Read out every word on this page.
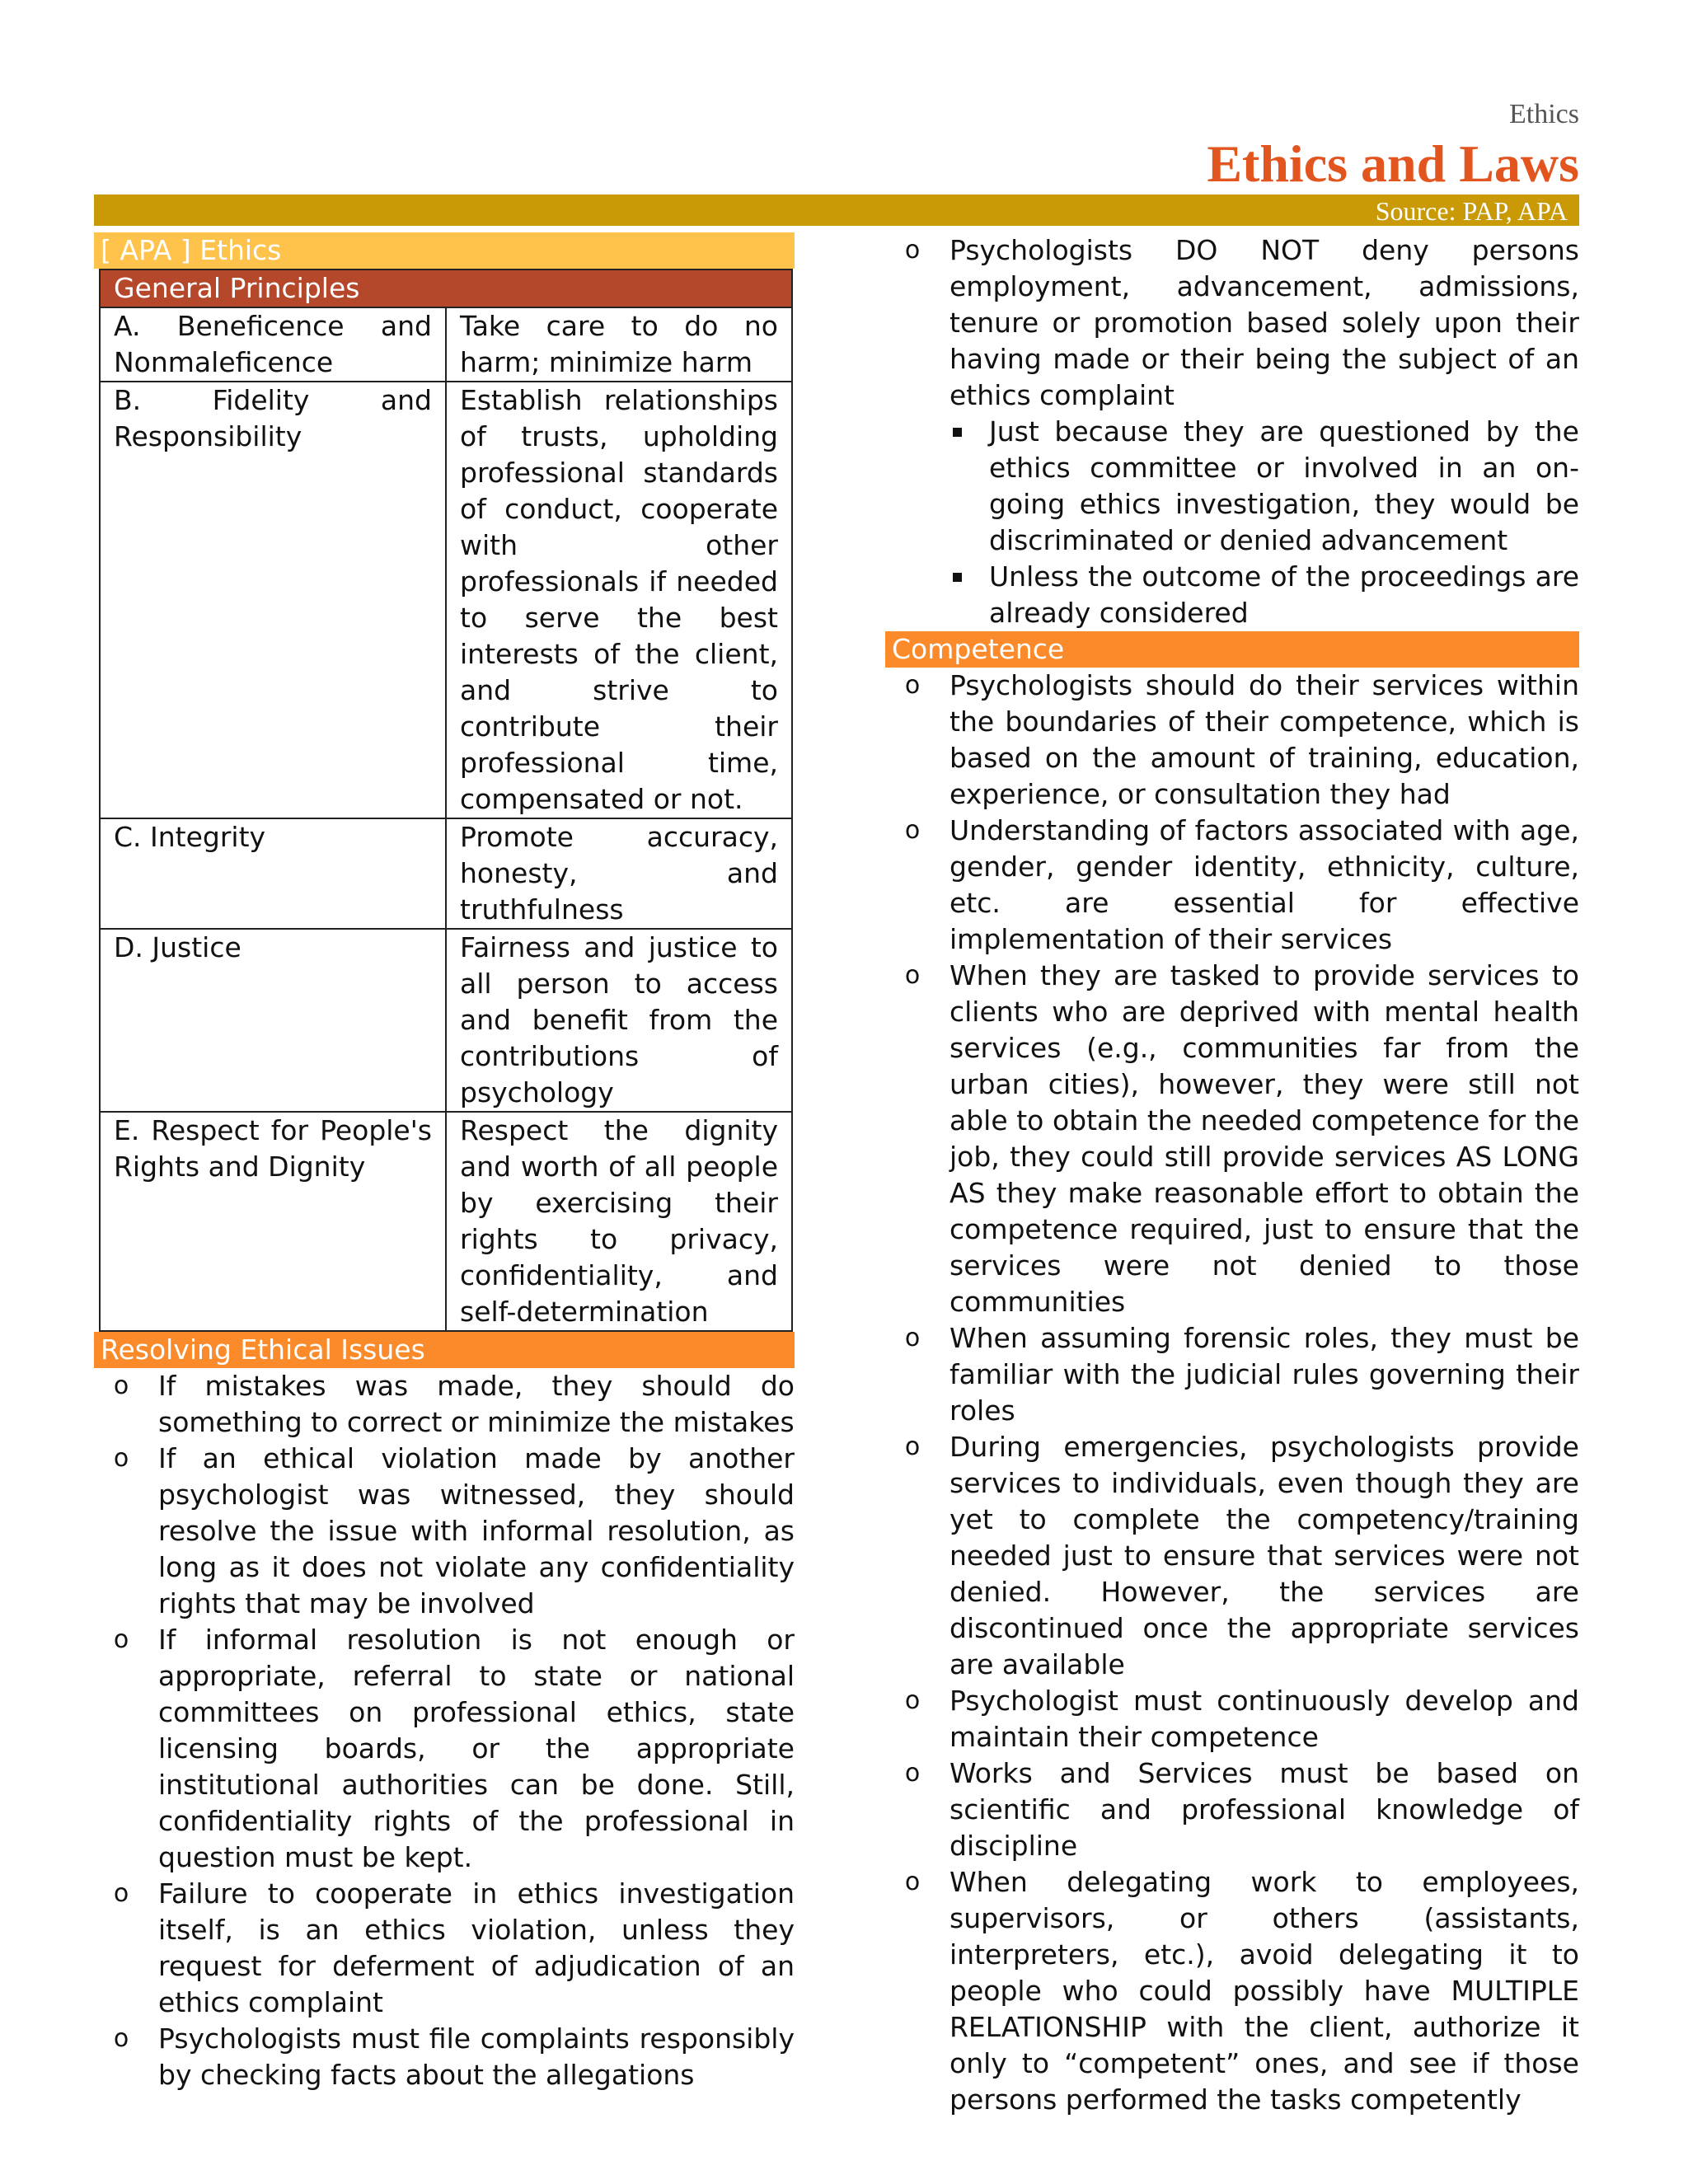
Ethics
Ethics and Laws
Source: PAP, APA
[ APA ] Ethics
General Principles	
A. Beneficence and Nonmaleficence	Take care to do no harm; minimize harm
B. Fidelity and Responsibility	Establish relationships of trusts, upholding professional standards of conduct, cooperate with other professionals if needed to serve the best interests of the client, and strive to contribute their professional time, compensated or not.
C. Integrity	Promote accuracy, honesty, and truthfulness
D. Justice	Fairness and justice to all person to access and benefit from the contributions of psychology
E. Respect for People's Rights and Dignity	Respect the dignity and worth of all people by exercising their rights to privacy, confidentiality, and self-determination
Resolving Ethical Issues
o If mistakes was made, they should do something to correct or minimize the mistakes
o If an ethical violation made by another psychologist was witnessed, they should resolve the issue with informal resolution, as long as it does not violate any confidentiality rights that may be involved
o If informal resolution is not enough or appropriate, referral to state or national committees on professional ethics, state licensing boards, or the appropriate institutional authorities can be done. Still, confidentiality rights of the professional in question must be kept.
o Failure to cooperate in ethics investigation itself, is an ethics violation, unless they request for deferment of adjudication of an ethics complaint
o Psychologists must file complaints responsibly by checking facts about the allegations
o Psychologists DO NOT deny persons employment, advancement, admissions, tenure or promotion based solely upon their having made or their being the subject of an ethics complaint
Just because they are questioned by the ethics committee or involved in an on-going ethics investigation, they would be discriminated or denied advancement
Unless the outcome of the proceedings are already considered
Competence
o Psychologists should do their services within the boundaries of their competence, which is based on the amount of training, education, experience, or consultation they had
o Understanding of factors associated with age, gender, gender identity, ethnicity, culture, etc. are essential for effective implementation of their services
o When they are tasked to provide services to clients who are deprived with mental health services (e.g., communities far from the urban cities), however, they were still not able to obtain the needed competence for the job, they could still provide services AS LONG AS they make reasonable effort to obtain the competence required, just to ensure that the services were not denied to those communities
o When assuming forensic roles, they must be familiar with the judicial rules governing their roles
o During emergencies, psychologists provide services to individuals, even though they are yet to complete the competency/training needed just to ensure that services were not denied. However, the services are discontinued once the appropriate services are available
o Psychologist must continuously develop and maintain their competence
o Works and Services must be based on scientific and professional knowledge of discipline
o When delegating work to employees, supervisors, or others (assistants, interpreters, etc.), avoid delegating it to people who could possibly have MULTIPLE RELATIONSHIP with the client, authorize it only to “competent” ones, and see if those persons performed the tasks competently
